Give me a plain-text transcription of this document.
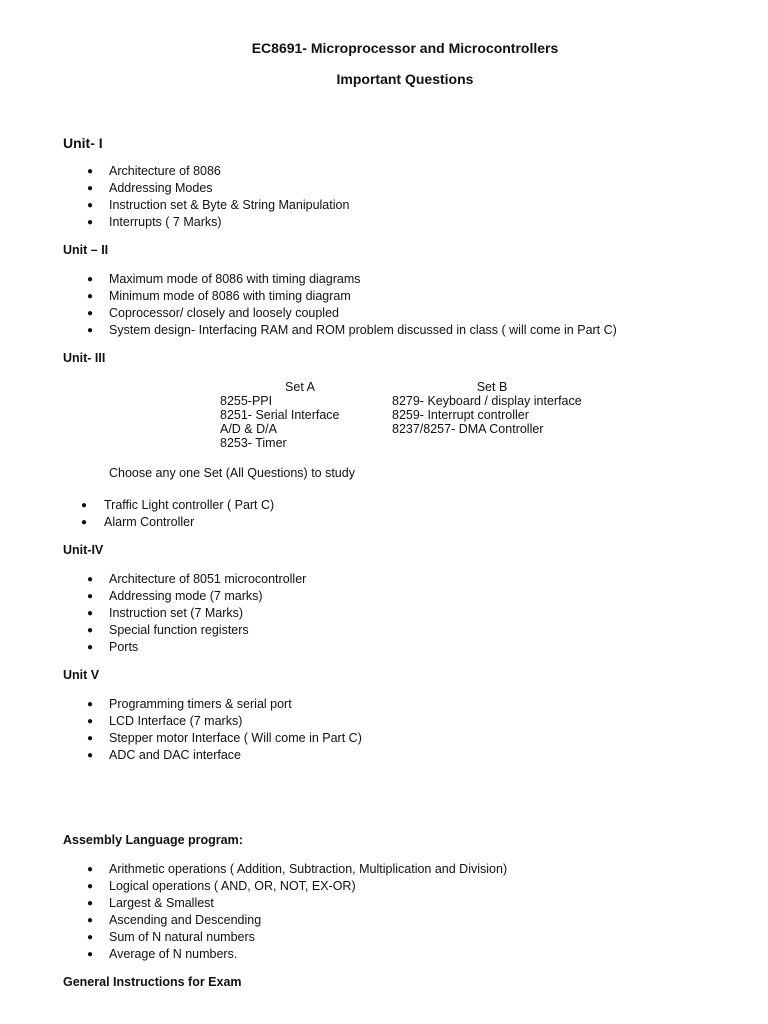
EC8691- Microprocessor and Microcontrollers
Important Questions
Unit- I
● Architecture of 8086
● Addressing Modes
● Instruction set & Byte & String Manipulation
● Interrupts ( 7 Marks)
Unit – II
● Maximum mode of 8086 with timing diagrams
● Minimum mode of 8086 with timing diagram
● Coprocessor/ closely and loosely coupled
● System design- Interfacing RAM and ROM problem discussed in class ( will come in Part C)
Unit- III
Set A
8255-PPI
8251- Serial Interface
A/D & D/A
8253- Timer
Set B
8279- Keyboard / display interface
8259- Interrupt controller
8237/8257- DMA Controller
Choose any one Set (All Questions) to study
● Traffic Light controller ( Part C)
● Alarm Controller
Unit-IV
● Architecture of 8051 microcontroller
● Addressing mode (7 marks)
● Instruction set (7 Marks)
● Special function registers
● Ports
Unit V
● Programming timers & serial port
● LCD Interface (7 marks)
● Stepper motor Interface ( Will come in Part C)
● ADC and DAC interface
Assembly Language program:
● Arithmetic operations ( Addition, Subtraction, Multiplication and Division)
● Logical operations ( AND, OR, NOT, EX-OR)
● Largest & Smallest
● Ascending and Descending
● Sum of N natural numbers
● Average of N numbers.
General Instructions for Exam
